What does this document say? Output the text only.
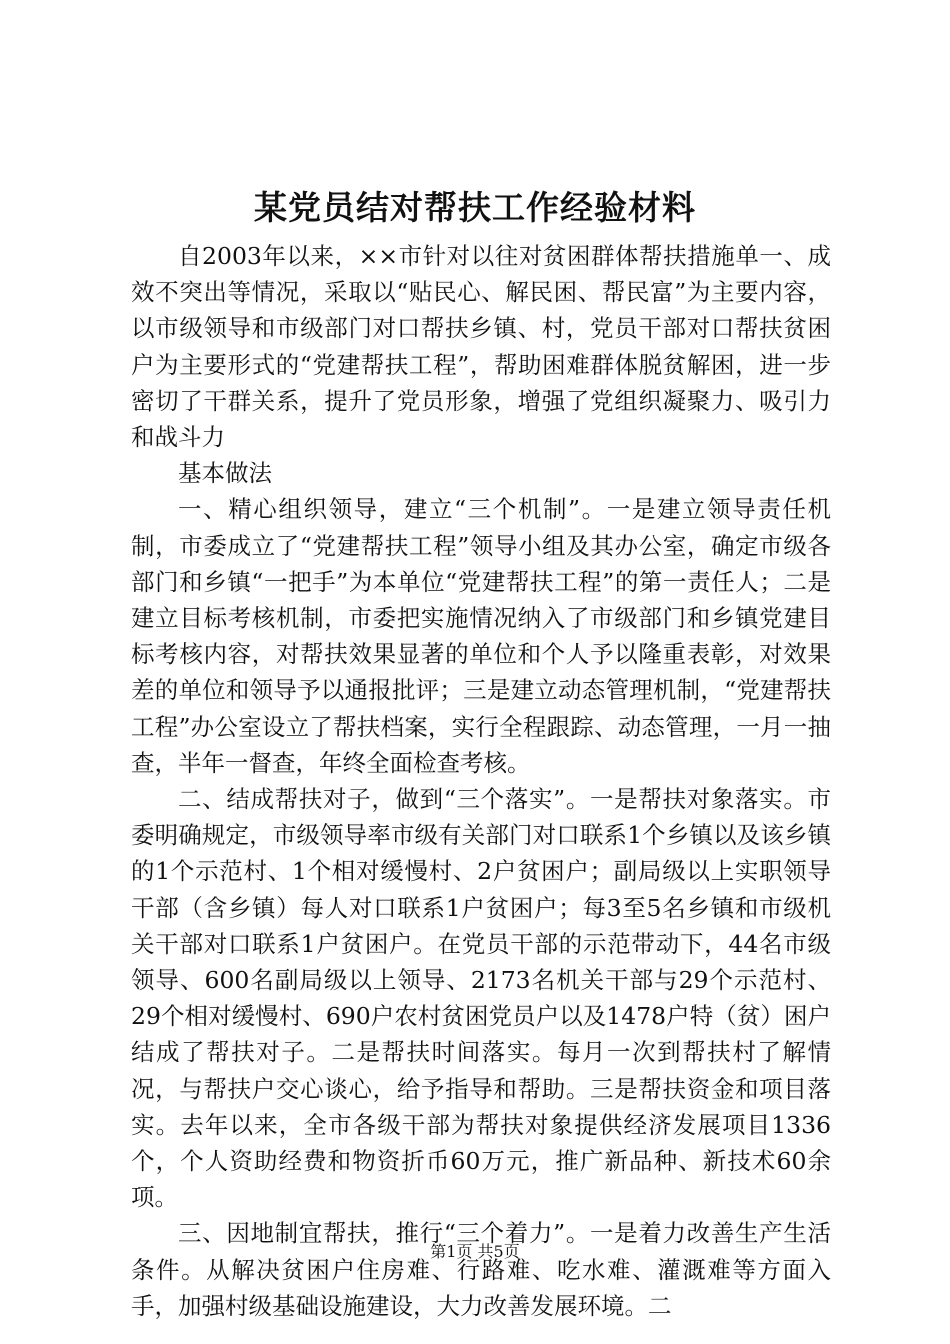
某党员结对帮扶工作经验材料

自2003年以来，××市针对以往对贫困群体帮扶措施单一、成效不突出等情况，采取以“贴民心、解民困、帮民富”为主要内容，以市级领导和市级部门对口帮扶乡镇、村，党员干部对口帮扶贫困户为主要形式的“党建帮扶工程”，帮助困难群体脱贫解困，进一步密切了干群关系，提升了党员形象，增强了党组织凝聚力、吸引力和战斗力

基本做法

一、精心组织领导，建立“三个机制”。一是建立领导责任机制，市委成立了“党建帮扶工程”领导小组及其办公室，确定市级各部门和乡镇“一把手”为本单位“党建帮扶工程”的第一责任人；二是建立目标考核机制，市委把实施情况纳入了市级部门和乡镇党建目标考核内容，对帮扶效果显著的单位和个人予以隆重表彰，对效果差的单位和领导予以通报批评；三是建立动态管理机制，“党建帮扶工程”办公室设立了帮扶档案，实行全程跟踪、动态管理，一月一抽查，半年一督查，年终全面检查考核。

二、结成帮扶对子，做到“三个落实”。一是帮扶对象落实。市委明确规定，市级领导率市级有关部门对口联系1个乡镇以及该乡镇的1个示范村、1个相对缓慢村、2户贫困户；副局级以上实职领导干部（含乡镇）每人对口联系1户贫困户；每3至5名乡镇和市级机关干部对口联系1户贫困户。在党员干部的示范带动下，44名市级领导、600名副局级以上领导、2173名机关干部与29个示范村、29个相对缓慢村、690户农村贫困党员户以及1478户特（贫）困户结成了帮扶对子。二是帮扶时间落实。每月一次到帮扶村了解情况，与帮扶户交心谈心，给予指导和帮助。三是帮扶资金和项目落实。去年以来，全市各级干部为帮扶对象提供经济发展项目1336个，个人资助经费和物资折币60万元，推广新品种、新技术60余项。

三、因地制宜帮扶，推行“三个着力”。一是着力改善生产生活条件。从解决贫困户住房难、行路难、吃水难、灌溉难等方面入手，加强村级基础设施建设，大力改善发展环境。二

第1页 共5页
